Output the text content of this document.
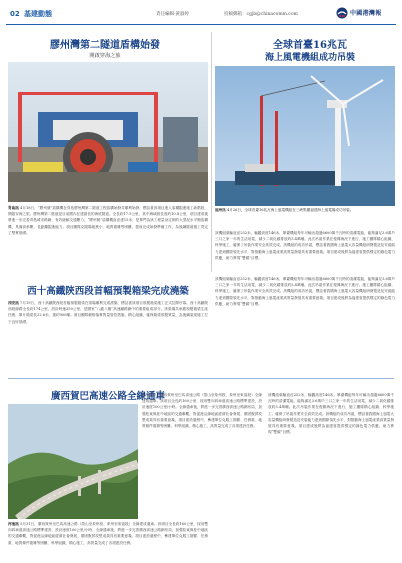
02 基建動態	責任編輯·黃淑婷	投稿郵箱：cgjb@chinacomm.com	中國港灣報
膠州灣第二隧道盾構始發
開啟穿海之旅
青島訊 4月18日，“膠州號”盾構機在青島膠州灣第二隧道工程盾構始發井順利始發，標誌著該項目進入盾構掘進施工新階段，開啟穿海之旅。膠州灣第二隧道是目前國內在建最長的海底隧道，全長約17.5公里，其中海域段長度約10.8公里，項目建成後將進一步完善青島城市路網，有效緩解交通壓力。“膠州號”盾構機直徑達15米，是專門為該工程量身定制的大型泥水平衡盾構機，具備高承壓、長距離掘進能力。項目團隊克服場地狹小、地質複雜等困難，提前完成始發準備工作，為後續隧道施工奠定了堅實基礎。
全球首臺16兆瓦
海上風電機組成功吊裝
福州訊 4月26日，全球首臺16兆瓦海上風電機組在三峽集團福建海上風電場成功吊裝。
該機組葉輪直徑252米，輪轂高度146米，單臺機組每年可輸出超過6600萬千瓦時的清潔電能，能夠滿足3.6萬戶三口之家一年的生活用電，減少二氧化碳排放約5.4萬噸。此次吊裝作業在復雜海況下進行，施工團隊精心組織、科學施工，確保了吊裝作業安全高效完成。該機組的成功吊裝，標誌著我國海上風電大容量機組研發製造及安裝能力達到國際領先水平，對推動海上風電產業高質量發展具有重要意義。項目建成後將為福建省提供穩定的綠色電力供應，助力實現“雙碳”目標。
西十高鐵陝西段首幅預製箱梁完成澆築
西安訊 7月19日，西十高鐵陝西段首幅預製箱梁在梁場順利完成澆築，標誌著該項目預製箱梁施工正式拉開序幕。西十高鐵陝西段線路全長約174公里，設計時速350公里，是國家“八縱八橫”高速鐵路網中的重要組成部分。該梁場共承擔預製箱梁生產任務，單片箱梁長32.6米、重約900噸。項目團隊嚴格落實質量管控措施，精心組織，確保箱梁預製質量，為後續架梁施工打下良好基礎。
該機組葉輪直徑252米，輪轂高度146米，單臺機組每年可輸出超過6600萬千瓦時的清潔電能，能夠滿足3.6萬戶三口之家一年的生活用電，減少二氧化碳排放約5.4萬噸。此次吊裝作業在復雜海況下進行，施工團隊精心組織、科學施工，確保了吊裝作業安全高效完成。該機組的成功吊裝，標誌著我國海上風電大容量機組研發製造及安裝能力達到國際領先水平，對推動海上風電產業高質量發展具有重要意義。項目建成後將為福建省提供穩定的綠色電力供應，助力實現“雙碳”目標。
廣西賀巴高速公路全線通車
河池訊 5月31日，廣西賀州至巴馬高速公路（蒙山至象州段、象州至來賓段）全線建成通車。該項目全長約160公里，採用雙向四車道高速公路標準建設，設計速度100公里/小時。全線通車後，將進一步完善廣西高速公路網布局，加強桂東與桂中地區的交通聯繫，對促進沿線地區經濟社會發展、鞏固脫貧攻堅成果具有重要意義。項目建設過程中，參建單位克服工期緊、任務重、地質條件複雜等困難，科學組織，精心施工，高質量完成了各項建設任務。
5月31日，廣西賀州至巴馬高速公路（蒙山至象州段、象州至來賓段）全線建成通車。該項目全長約160公里，採用雙向四車道高速公路標準建設，設計速度100公里/小時。全線通車後，將進一步完善廣西高速公路網布局，加強桂東與桂中地區的交通聯繫，對促進沿線地區經濟社會發展、鞏固脫貧攻堅成果具有重要意義。項目建設過程中，參建單位克服工期緊、任務重、地質條件複雜等困難，科學組織，精心施工，高質量完成了各項建設任務。
該機組葉輪直徑252米，輪轂高度146米，單臺機組每年可輸出超過6600萬千瓦時的清潔電能，能夠滿足3.6萬戶三口之家一年的生活用電，減少二氧化碳排放約5.4萬噸。此次吊裝作業在復雜海況下進行，施工團隊精心組織、科學施工，確保了吊裝作業安全高效完成。該機組的成功吊裝，標誌著我國海上風電大容量機組研發製造及安裝能力達到國際領先水平，對推動海上風電產業高質量發展具有重要意義。項目建成後將為福建省提供穩定的綠色電力供應，助力實現“雙碳”目標。
